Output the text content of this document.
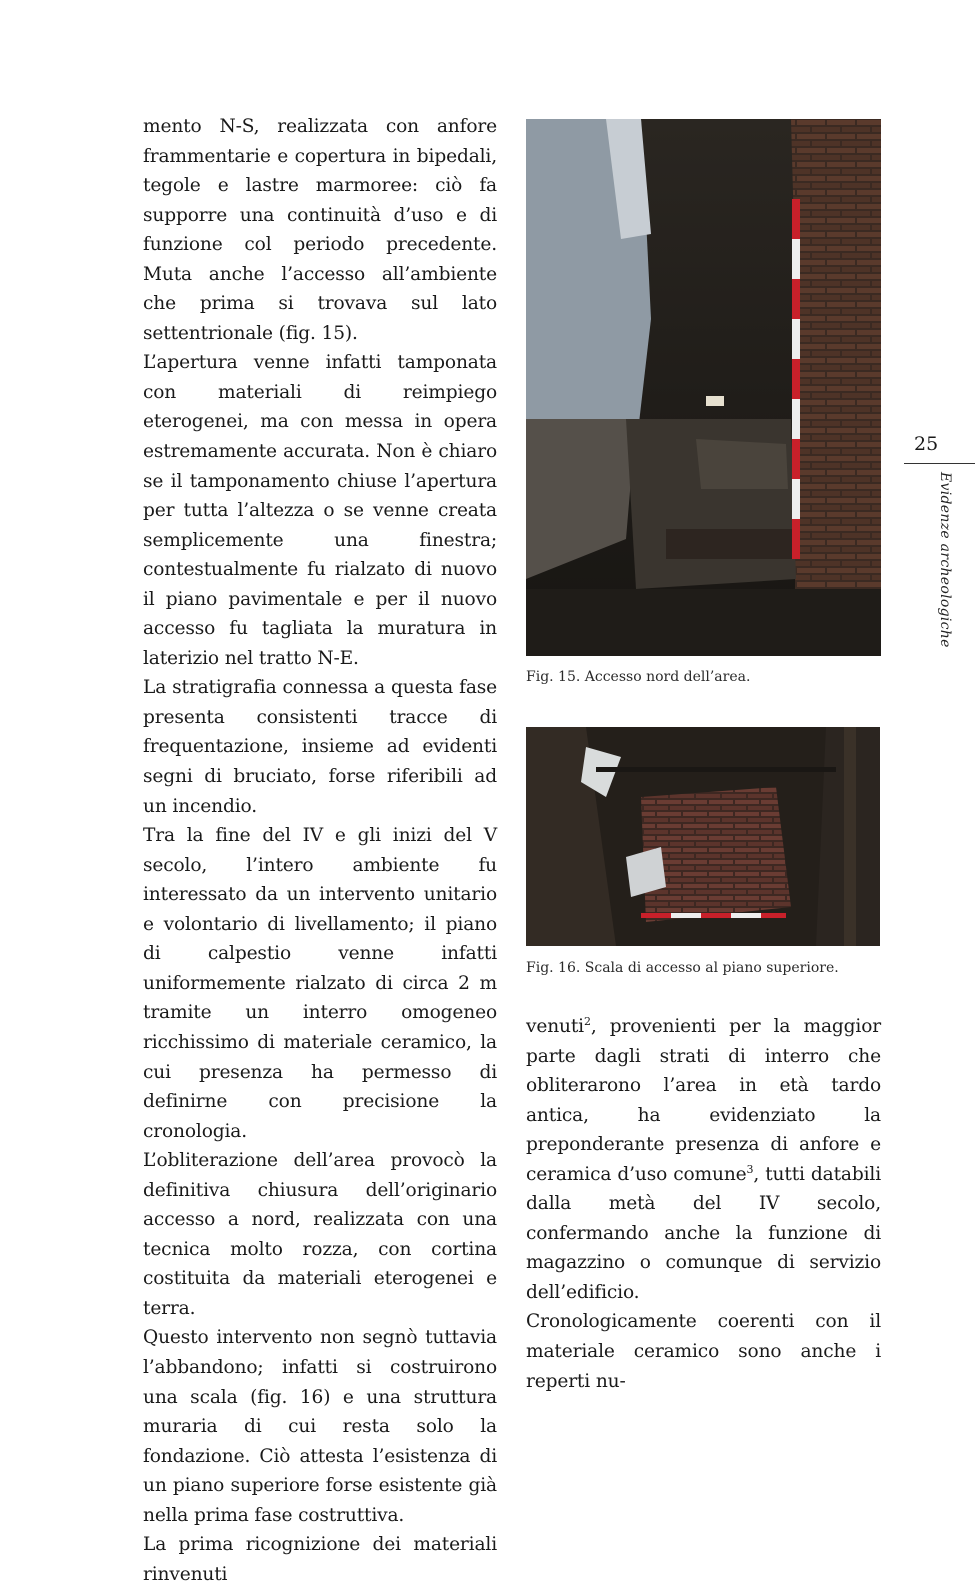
mento N-S, realizzata con anfore frammentarie e copertura in bipedali, tegole e lastre marmoree: ciò fa supporre una continuità d’uso e di funzione col periodo precedente. Muta anche l’accesso all’ambiente che prima si trovava sul lato settentrionale (fig. 15).

L’apertura venne infatti tamponata con materiali di reimpiego eterogenei, ma con messa in opera estremamente accurata. Non è chiaro se il tamponamento chiuse l’apertura per tutta l’altezza o se venne creata semplicemente una finestra; contestualmente fu rialzato di nuovo il piano pavimentale e per il nuovo accesso fu tagliata la muratura in laterizio nel tratto N-E.

La stratigrafia connessa a questa fase presenta consistenti tracce di frequentazione, insieme ad evidenti segni di bruciato, forse riferibili ad un incendio.

Tra la fine del IV e gli inizi del V secolo, l’intero ambiente fu interessato da un intervento unitario e volontario di livellamento; il piano di calpestio venne infatti uniformemente rialzato di circa 2 m tramite un interro omogeneo ricchissimo di materiale ceramico, la cui presenza ha permesso di definirne con precisione la cronologia.

L’obliterazione dell’area provocò la definitiva chiusura dell’originario accesso a nord, realizzata con una tecnica molto rozza, con cortina costituita da materiali eterogenei e terra.

Questo intervento non segnò tuttavia l’abbandono; infatti si costruirono una scala (fig. 16) e una struttura muraria di cui resta solo la fondazione. Ciò attesta l’esistenza di un piano superiore forse esistente già nella prima fase costruttiva.

La prima ricognizione dei materiali rinvenuti

Fig. 15. Accesso nord dell’area.
Fig. 16. Scala di accesso al piano superiore.

venuti$^2$, provenienti per la maggior parte dagli strati di interro che obliterarono l’area in età tardo antica, ha evidenziato la preponderante presenza di anfore e ceramica d’uso comune$^3$, tutti databili dalla metà del IV secolo, confermando anche la funzione di magazzino o comunque di servizio dell’edificio.

Cronologicamente coerenti con il materiale ceramico sono anche i reperti nu-

25
Evidenze archeologiche
